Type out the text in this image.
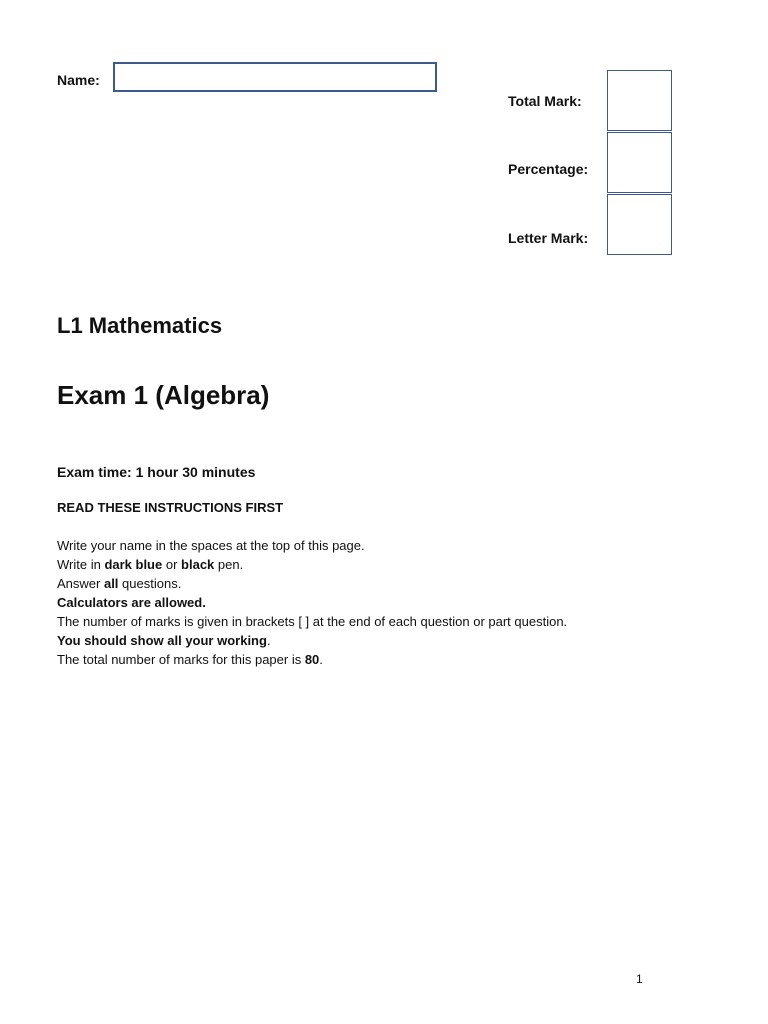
Name:
Total Mark:
Percentage:
Letter Mark:
L1 Mathematics
Exam 1 (Algebra)
Exam time: 1 hour 30 minutes
READ THESE INSTRUCTIONS FIRST
Write your name in the spaces at the top of this page.
Write in dark blue or black pen.
Answer all questions.
Calculators are allowed.
The number of marks is given in brackets [ ] at the end of each question or part question.
You should show all your working.
The total number of marks for this paper is 80.
1
